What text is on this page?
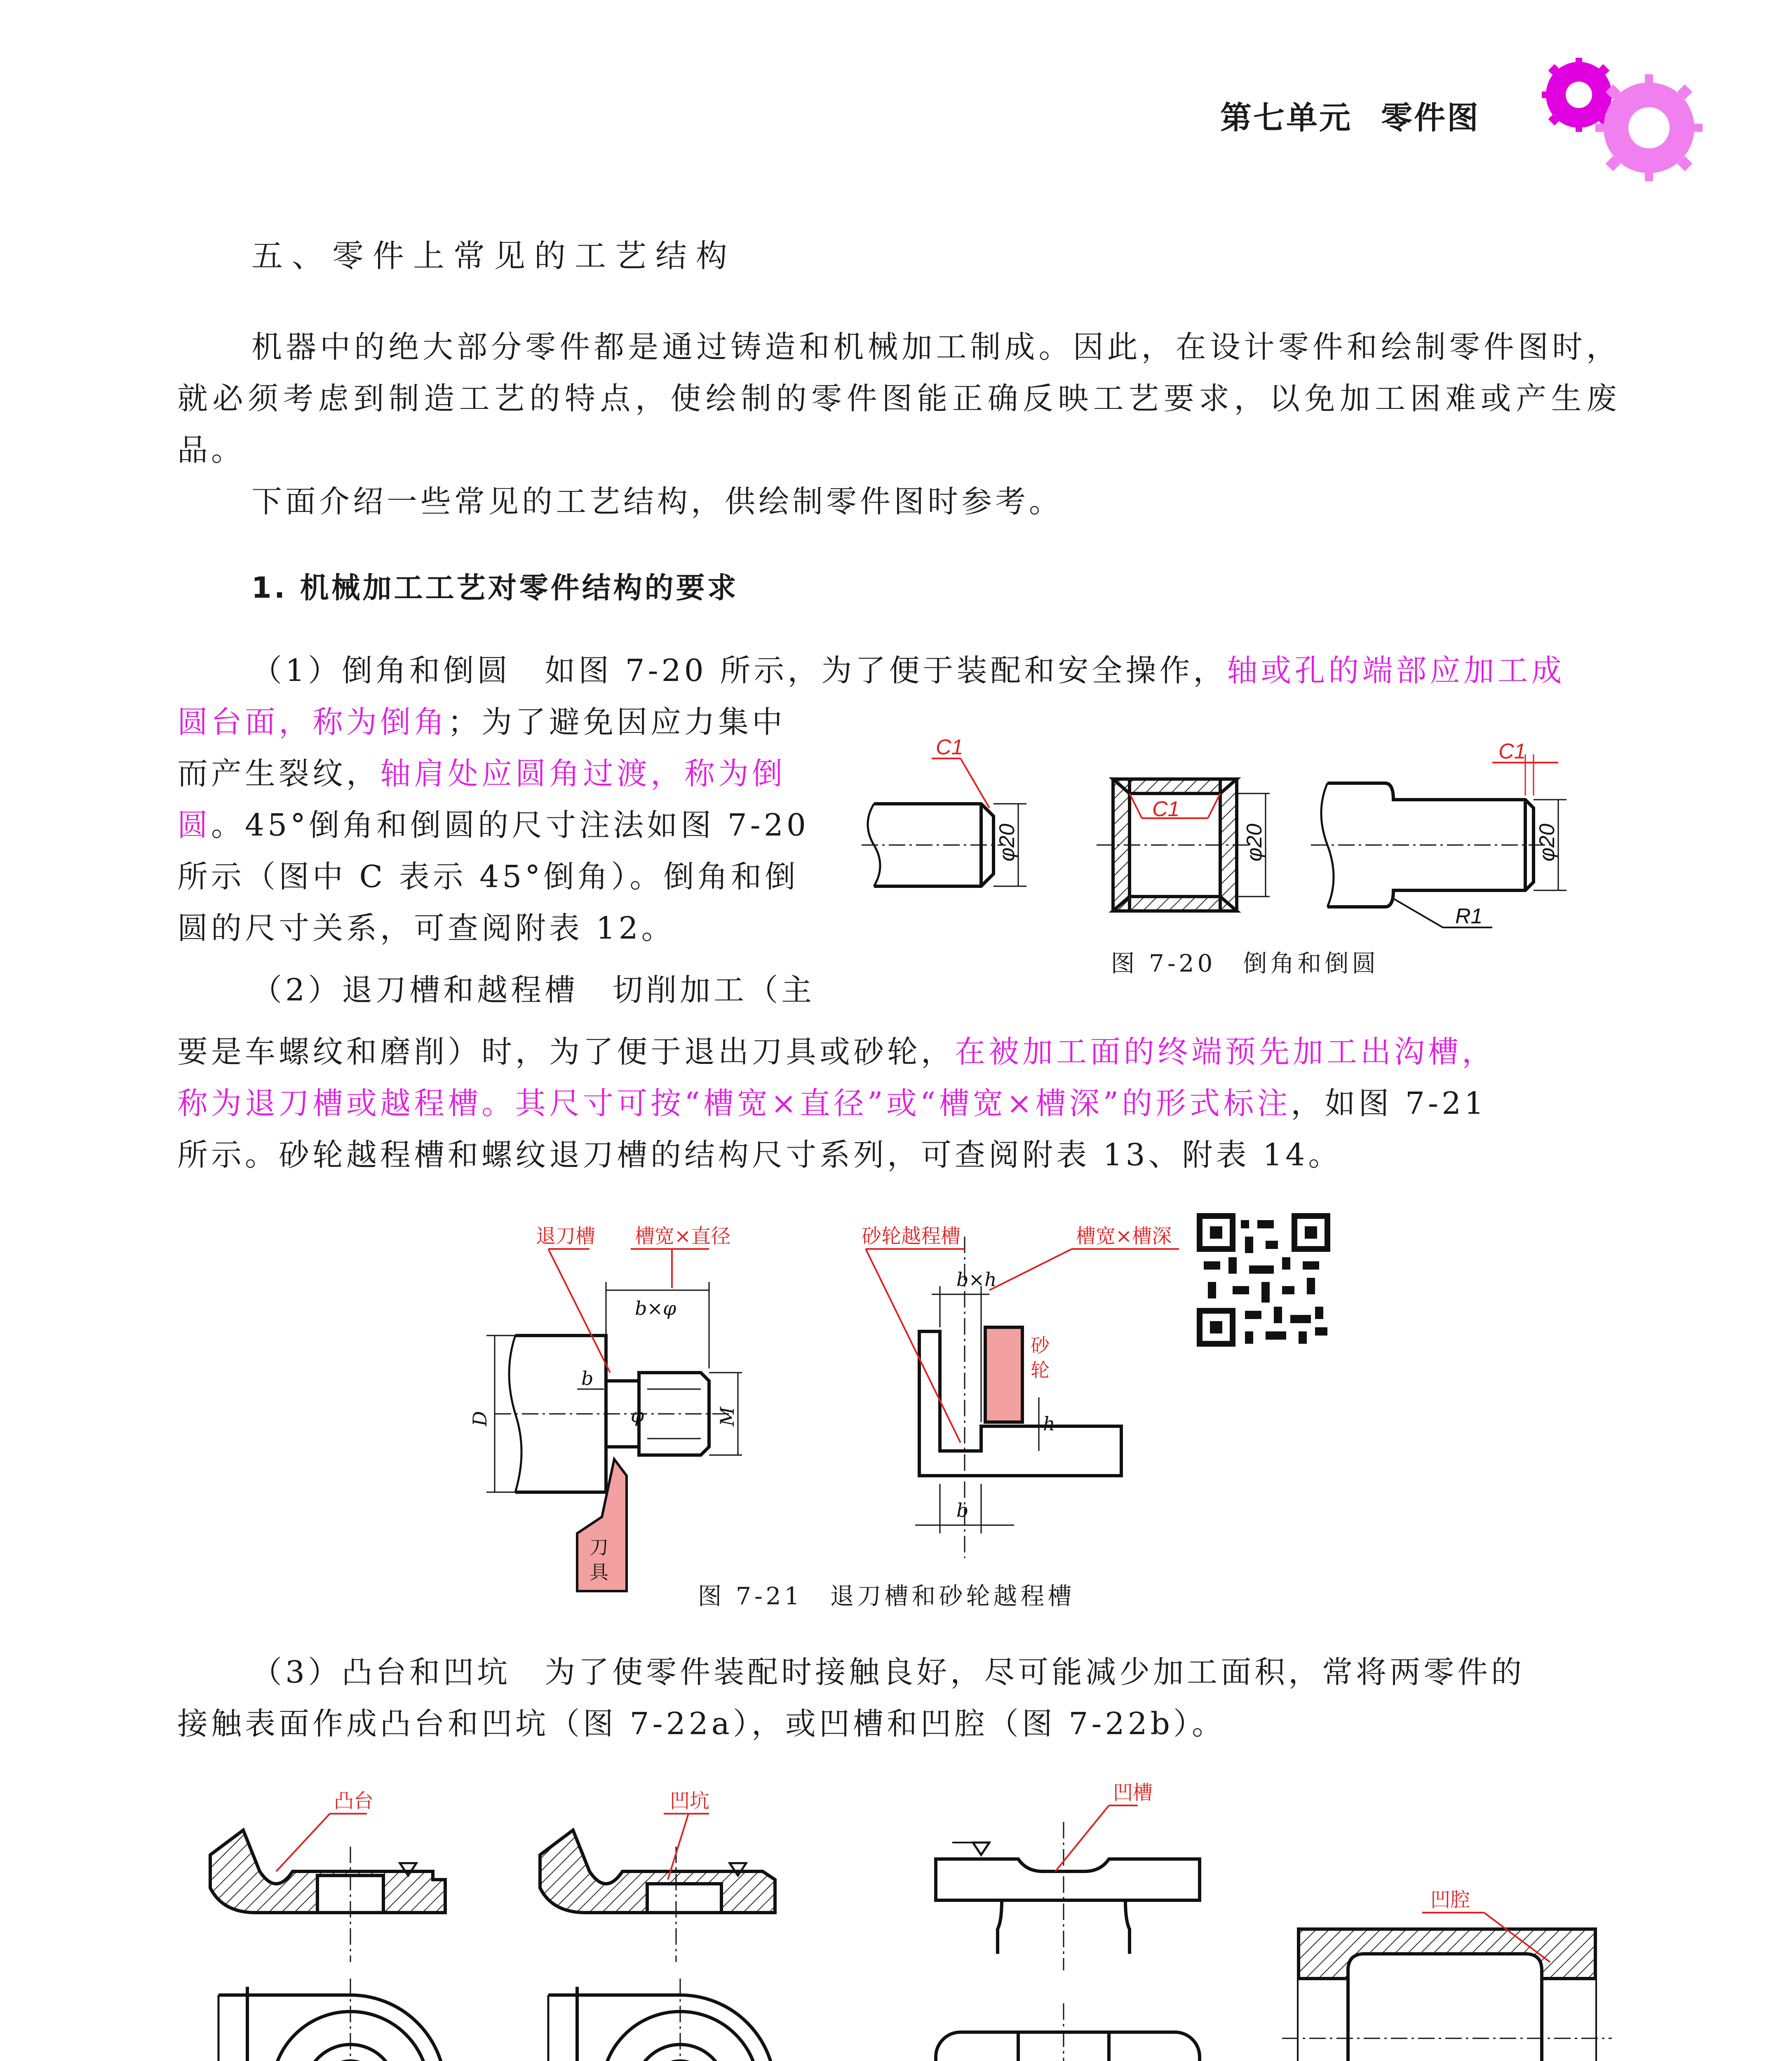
第七单元 零件图
五、零件上常见的工艺结构
机器中的绝大部分零件都是通过铸造和机械加工制成。因此，在设计零件和绘制零件图时，就必须考虑到制造工艺的特点，使绘制的零件图能正确反映工艺要求，以免加工困难或产生废品。
下面介绍一些常见的工艺结构，供绘制零件图时参考。
1. 机械加工工艺对零件结构的要求
（1）倒角和倒圆　如图 7-20 所示，为了便于装配和安全操作，轴或孔的端部应加工成
圆台面，称为倒角；为了避免因应力集中
而产生裂纹，轴肩处应圆角过渡，称为倒
圆。45°倒角和倒圆的尺寸注法如图 7-20
所示（图中 C 表示 45°倒角）。倒角和倒
圆的尺寸关系，可查阅附表 12。
（2）退刀槽和越程槽　切削加工（主
要是车螺纹和磨削）时，为了便于退出刀具或砂轮，在被加工面的终端预先加工出沟槽，
称为退刀槽或越程槽。其尺寸可按“槽宽×直径”或“槽宽×槽深”的形式标注，如图 7-21
所示。砂轮越程槽和螺纹退刀槽的结构尺寸系列，可查阅附表 13、附表 14。
C1
C1
C1
φ20	φ20	φ20
R1
图 7-20　倒角和倒圆
退刀槽 槽宽×直径	砂轮越程槽	槽宽×槽深
b×φ
b×h
D	M
b
φ	h
b
刀
具
砂
轮
图 7-21　退刀槽和砂轮越程槽
（3）凸台和凹坑　为了使零件装配时接触良好，尽可能减少加工面积，常将两零件的
接触表面作成凸台和凹坑（图 7-22a），或凹槽和凹腔（图 7-22b）。
凸台	凹坑	凹槽
凹腔
